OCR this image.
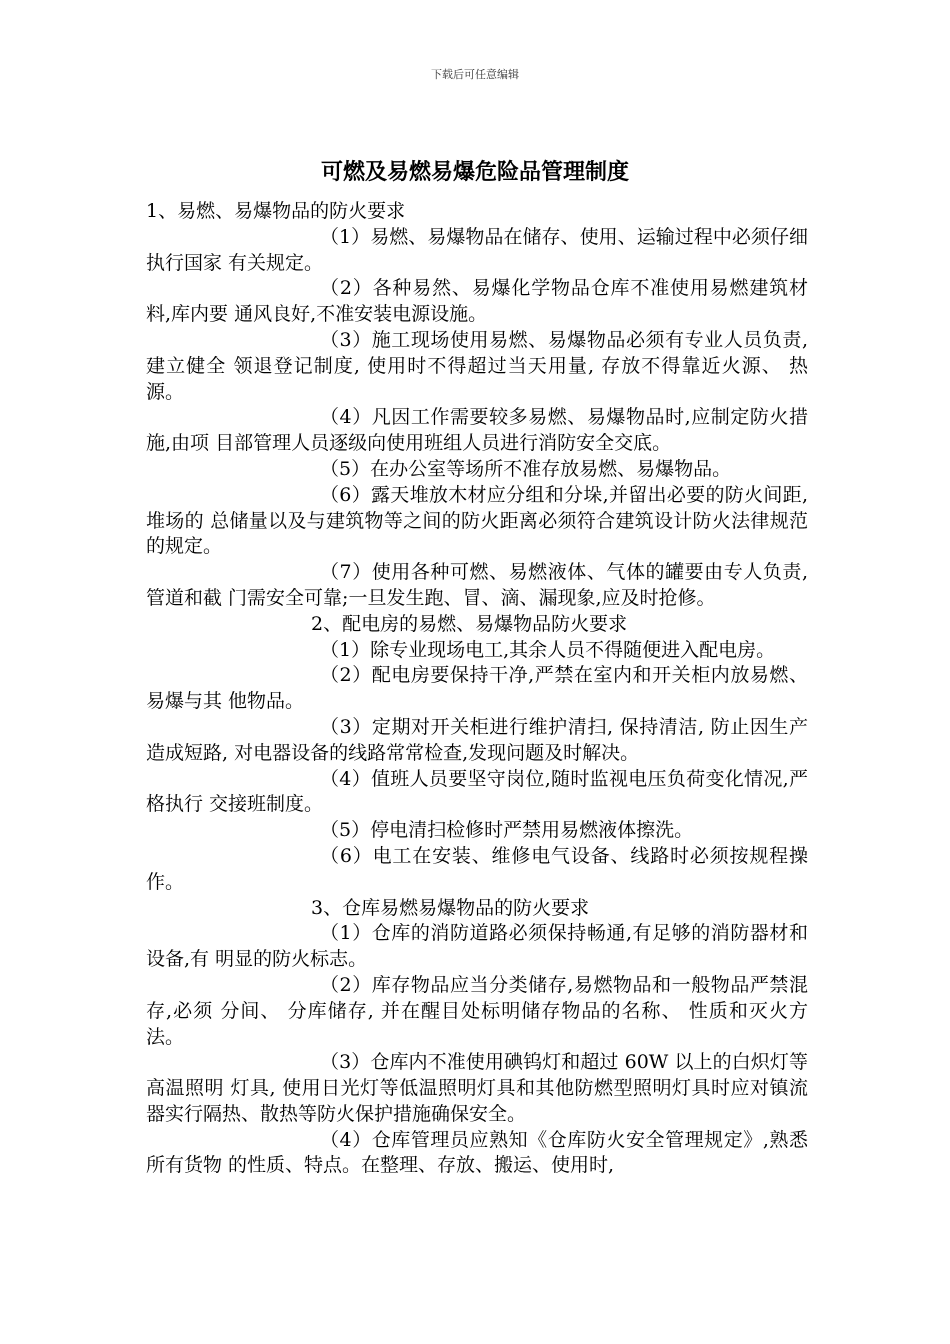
下载后可任意编辑
可燃及易燃易爆危险品管理制度

1、易燃、易爆物品的防火要求

（1）易燃、易爆物品在储存、使用、运输过程中必须仔细执行国家 有关规定。

（2）各种易然、易爆化学物品仓库不准使用易燃建筑材料,库内要 通风良好,不准安装电源设施。

（3）施工现场使用易燃、易爆物品必须有专业人员负责,建立健全 领退登记制度, 使用时不得超过当天用量, 存放不得靠近火源、 热源。

（4）凡因工作需要较多易燃、易爆物品时,应制定防火措施,由项 目部管理人员逐级向使用班组人员进行消防安全交底。

（5）在办公室等场所不准存放易燃、易爆物品。

（6）露天堆放木材应分组和分垛,并留出必要的防火间距,堆场的 总储量以及与建筑物等之间的防火距离必须符合建筑设计防火法律规范 的规定。

（7）使用各种可燃、易燃液体、气体的罐要由专人负责,管道和截 门需安全可靠;一旦发生跑、冒、滴、漏现象,应及时抢修。

2、配电房的易燃、易爆物品防火要求

（1）除专业现场电工,其余人员不得随便进入配电房。

（2）配电房要保持干净,严禁在室内和开关柜内放易燃、易爆与其 他物品。

（3）定期对开关柜进行维护清扫, 保持清洁, 防止因生产造成短路, 对电器设备的线路常常检查,发现问题及时解决。

（4）值班人员要坚守岗位,随时监视电压负荷变化情况,严格执行 交接班制度。

（5）停电清扫检修时严禁用易燃液体擦洗。

（6）电工在安装、维修电气设备、线路时必须按规程操作。

3、仓库易燃易爆物品的防火要求

（1）仓库的消防道路必须保持畅通,有足够的消防器材和设备,有 明显的防火标志。

（2）库存物品应当分类储存,易燃物品和一般物品严禁混存,必须 分间、 分库储存, 并在醒目处标明储存物品的名称、 性质和灭火方法。

（3）仓库内不准使用碘钨灯和超过 60W 以上的白炽灯等高温照明 灯具, 使用日光灯等低温照明灯具和其他防燃型照明灯具时应对镇流 器实行隔热、散热等防火保护措施确保安全。

（4）仓库管理员应熟知《仓库防火安全管理规定》,熟悉所有货物 的性质、特点。在整理、存放、搬运、使用时,
